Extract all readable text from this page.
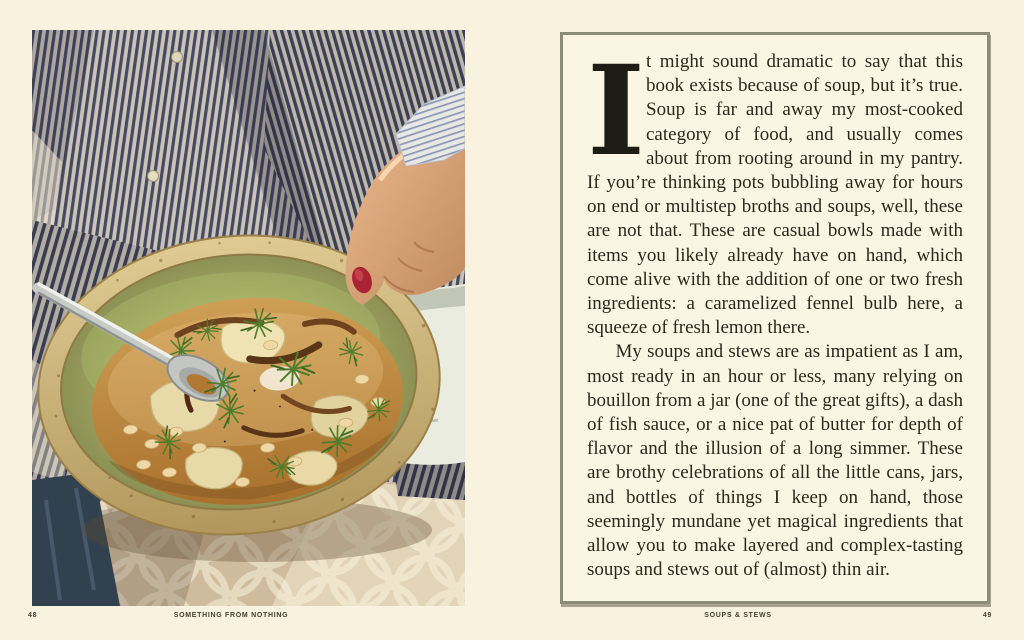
It might sound dramatic to say that this book exists because of soup, but it’s true. Soup is far and away my most-cooked category of food, and usually comes about from rooting around in my pantry. If you’re thinking pots bubbling away for hours on end or multistep broths and soups, well, these are not that. These are casual bowls made with items you likely already have on hand, which come alive with the addition of one or two fresh ingredients: a caramelized fennel bulb here, a squeeze of fresh lemon there.

My soups and stews are as impatient as I am, most ready in an hour or less, many relying on bouillon from a jar (one of the great gifts), a dash of fish sauce, or a nice pat of butter for depth of flavor and the illusion of a long simmer. These are brothy celebrations of all the little cans, jars, and bottles of things I keep on hand, those seemingly mundane yet magical ingredients that allow you to make layered and complex-tasting soups and stews out of (almost) thin air.

48	SOMETHING FROM NOTHING	SOUPS & STEWS	49
